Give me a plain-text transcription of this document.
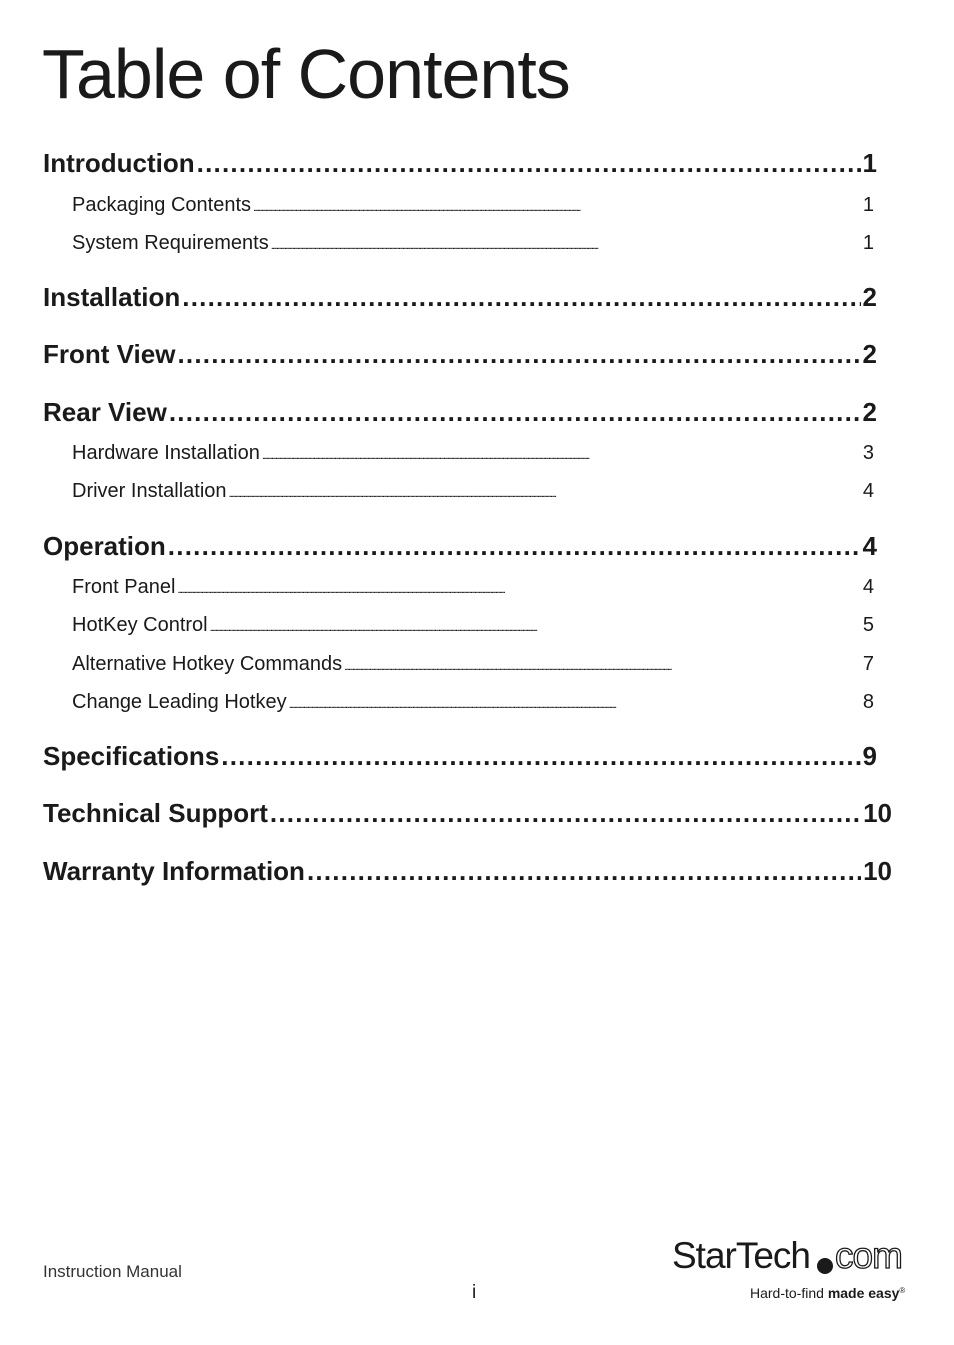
Table of Contents
Introduction . . .	1
Packaging Contents . . .	1
System Requirements . . .	1
Installation . . .	2
Front View . . .	2
Rear View . . .	2
Hardware Installation . . .	3
Driver Installation . . .	4
Operation . . .	4
Front Panel . . .	4
HotKey Control . . .	5
Alternative Hotkey Commands . . .	7
Change Leading Hotkey . . .	8
Specifications . . .	9
Technical Support . . .	10
Warranty Information . . .	10
Instruction Manual
i
StarTech com
Hard-to-find made easy®
